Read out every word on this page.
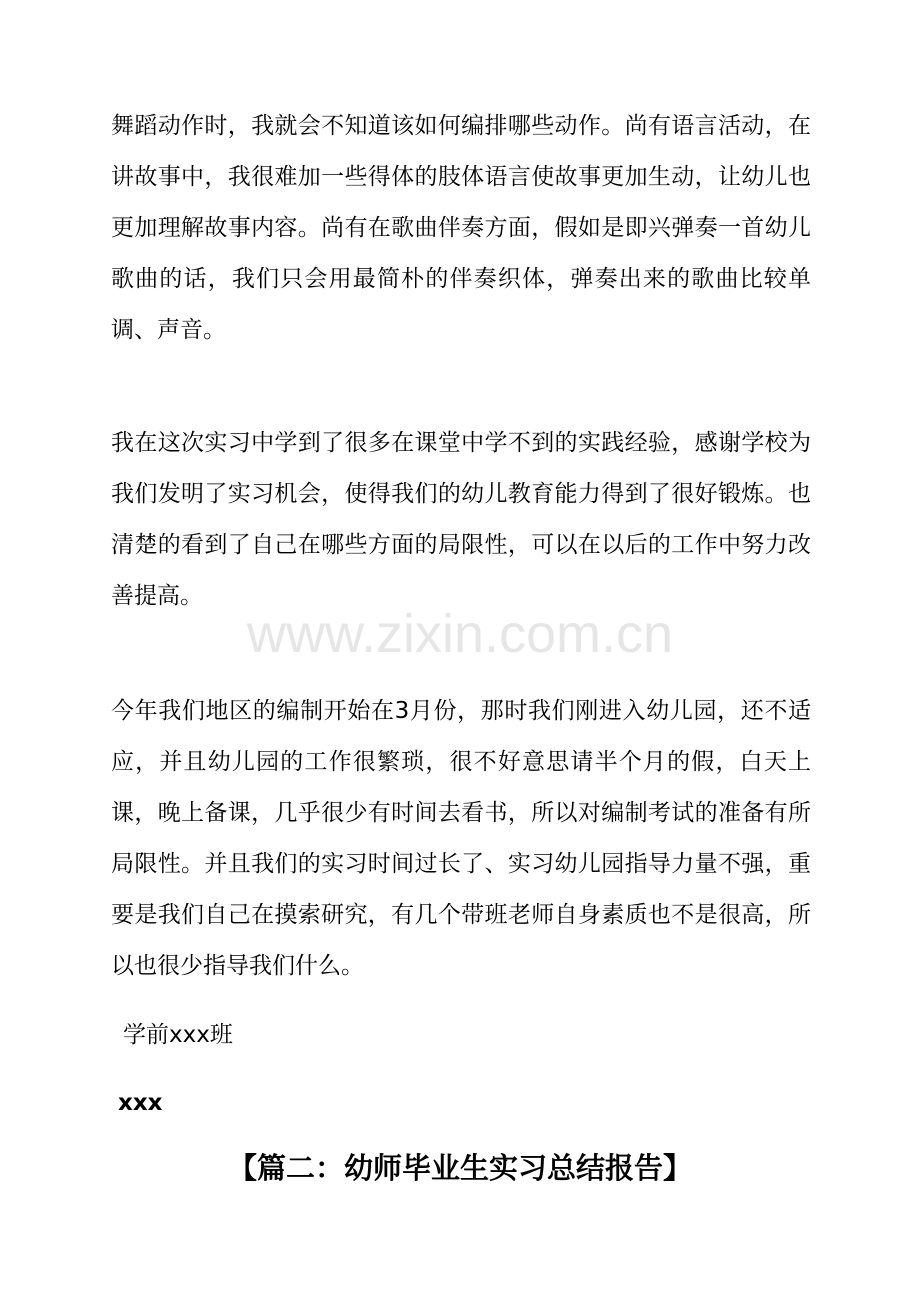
舞蹈动作时，我就会不知道该如何编排哪些动作。尚有语言活动，在讲故事中，我很难加一些得体的肢体语言使故事更加生动，让幼儿也更加理解故事内容。尚有在歌曲伴奏方面，假如是即兴弹奏一首幼儿歌曲的话，我们只会用最简朴的伴奏织体，弹奏出来的歌曲比较单调、声音。

我在这次实习中学到了很多在课堂中学不到的实践经验，感谢学校为我们发明了实习机会，使得我们的幼儿教育能力得到了很好锻炼。也清楚的看到了自己在哪些方面的局限性，可以在以后的工作中努力改善提高。

www.zixin.com.cn

今年我们地区的编制开始在3月份，那时我们刚进入幼儿园，还不适应，并且幼儿园的工作很繁琐，很不好意思请半个月的假，白天上课，晚上备课，几乎很少有时间去看书，所以对编制考试的准备有所局限性。并且我们的实习时间过长了、实习幼儿园指导力量不强，重要是我们自己在摸索研究，有几个带班老师自身素质也不是很高，所以也很少指导我们什么。

学前xxx班

xxx

【篇二：幼师毕业生实习总结报告】
